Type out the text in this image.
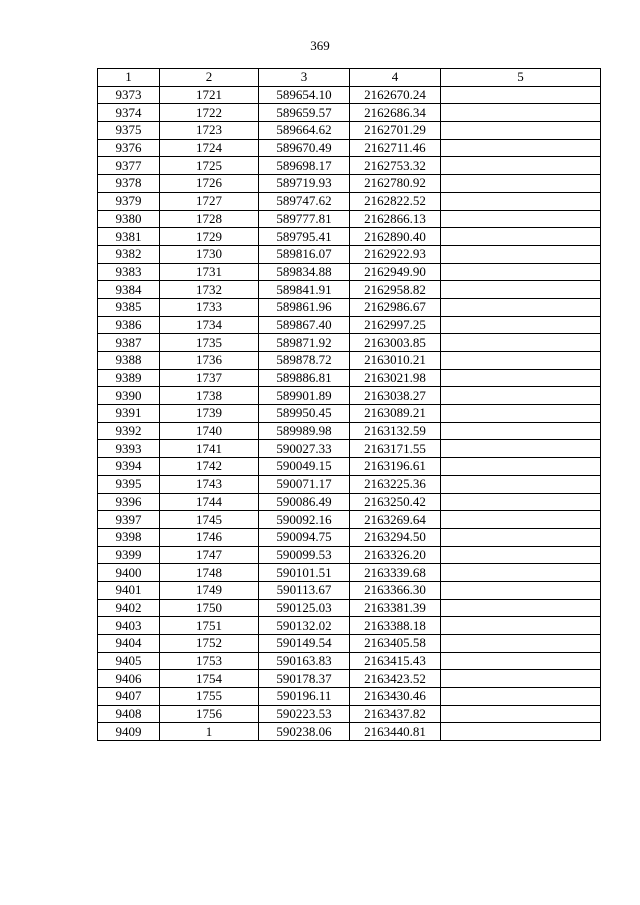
369
1	2	3	4	5
9373	1721	589654.10	2162670.24	
9374	1722	589659.57	2162686.34	
9375	1723	589664.62	2162701.29	
9376	1724	589670.49	2162711.46	
9377	1725	589698.17	2162753.32	
9378	1726	589719.93	2162780.92	
9379	1727	589747.62	2162822.52	
9380	1728	589777.81	2162866.13	
9381	1729	589795.41	2162890.40	
9382	1730	589816.07	2162922.93	
9383	1731	589834.88	2162949.90	
9384	1732	589841.91	2162958.82	
9385	1733	589861.96	2162986.67	
9386	1734	589867.40	2162997.25	
9387	1735	589871.92	2163003.85	
9388	1736	589878.72	2163010.21	
9389	1737	589886.81	2163021.98	
9390	1738	589901.89	2163038.27	
9391	1739	589950.45	2163089.21	
9392	1740	589989.98	2163132.59	
9393	1741	590027.33	2163171.55	
9394	1742	590049.15	2163196.61	
9395	1743	590071.17	2163225.36	
9396	1744	590086.49	2163250.42	
9397	1745	590092.16	2163269.64	
9398	1746	590094.75	2163294.50	
9399	1747	590099.53	2163326.20	
9400	1748	590101.51	2163339.68	
9401	1749	590113.67	2163366.30	
9402	1750	590125.03	2163381.39	
9403	1751	590132.02	2163388.18	
9404	1752	590149.54	2163405.58	
9405	1753	590163.83	2163415.43	
9406	1754	590178.37	2163423.52	
9407	1755	590196.11	2163430.46	
9408	1756	590223.53	2163437.82	
9409	1	590238.06	2163440.81	
